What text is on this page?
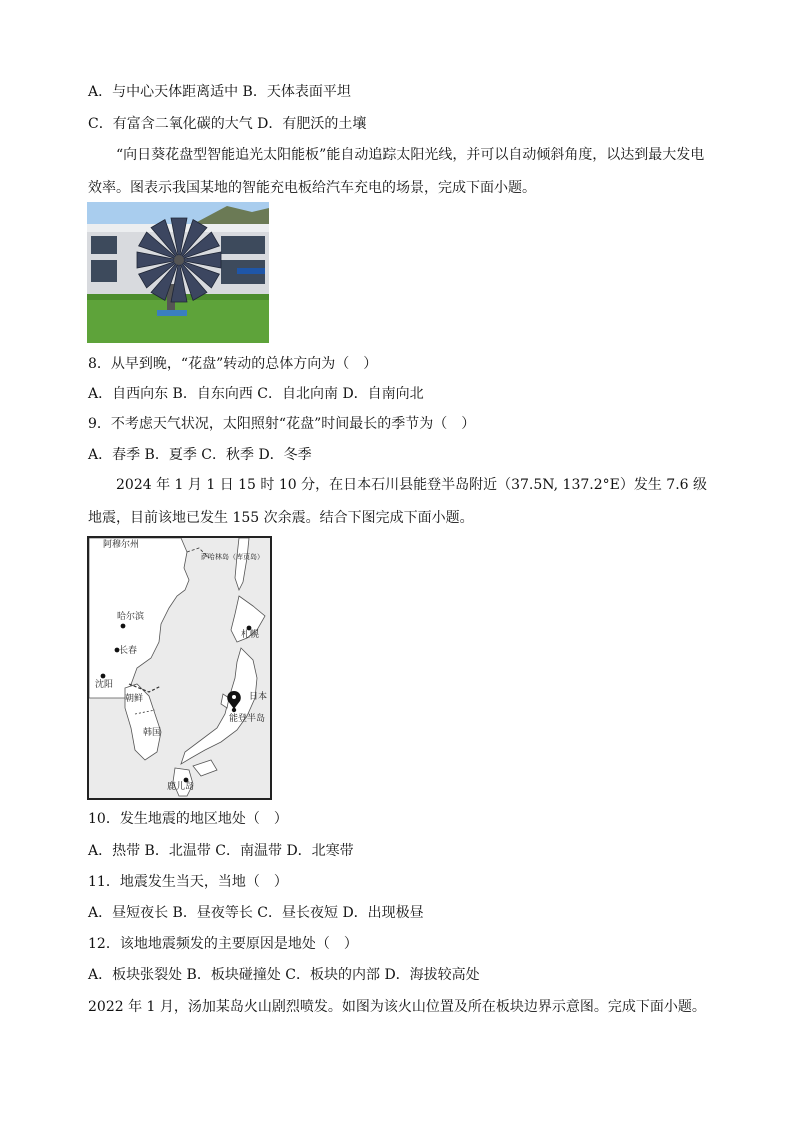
A．与中心天体距离适中 B．天体表面平坦
C．有富含二氧化碳的大气 D．有肥沃的土壤
“向日葵花盘型智能追光太阳能板”能自动追踪太阳光线，并可以自动倾斜角度，以达到最大发电效率。图表示我国某地的智能充电板给汽车充电的场景，完成下面小题。
8．从早到晚，“花盘”转动的总体方向为（　）
A．自西向东 B．自东向西 C．自北向南 D．自南向北
9．不考虑天气状况，太阳照射“花盘”时间最长的季节为（　）
A．春季 B．夏季 C．秋季 D．冬季
2024 年 1 月 1 日 15 时 10 分，在日本石川县能登半岛附近（37.5N, 137.2°E）发生 7.6 级地震，目前该地已发生 155 次余震。结合下图完成下面小题。
阿穆尔州
萨哈林岛（库页岛）
哈尔滨
长春
沈阳
朝鲜
韩国
札幌
日本
能登半岛
鹿儿岛
10．发生地震的地区地处（　）
A．热带 B．北温带 C．南温带 D．北寒带
11．地震发生当天，当地（　）
A．昼短夜长 B．昼夜等长 C．昼长夜短 D．出现极昼
12．该地地震频发的主要原因是地处（　）
A．板块张裂处 B．板块碰撞处 C．板块的内部 D．海拔较高处
2022 年 1 月，汤加某岛火山剧烈喷发。如图为该火山位置及所在板块边界示意图。完成下面小题。
